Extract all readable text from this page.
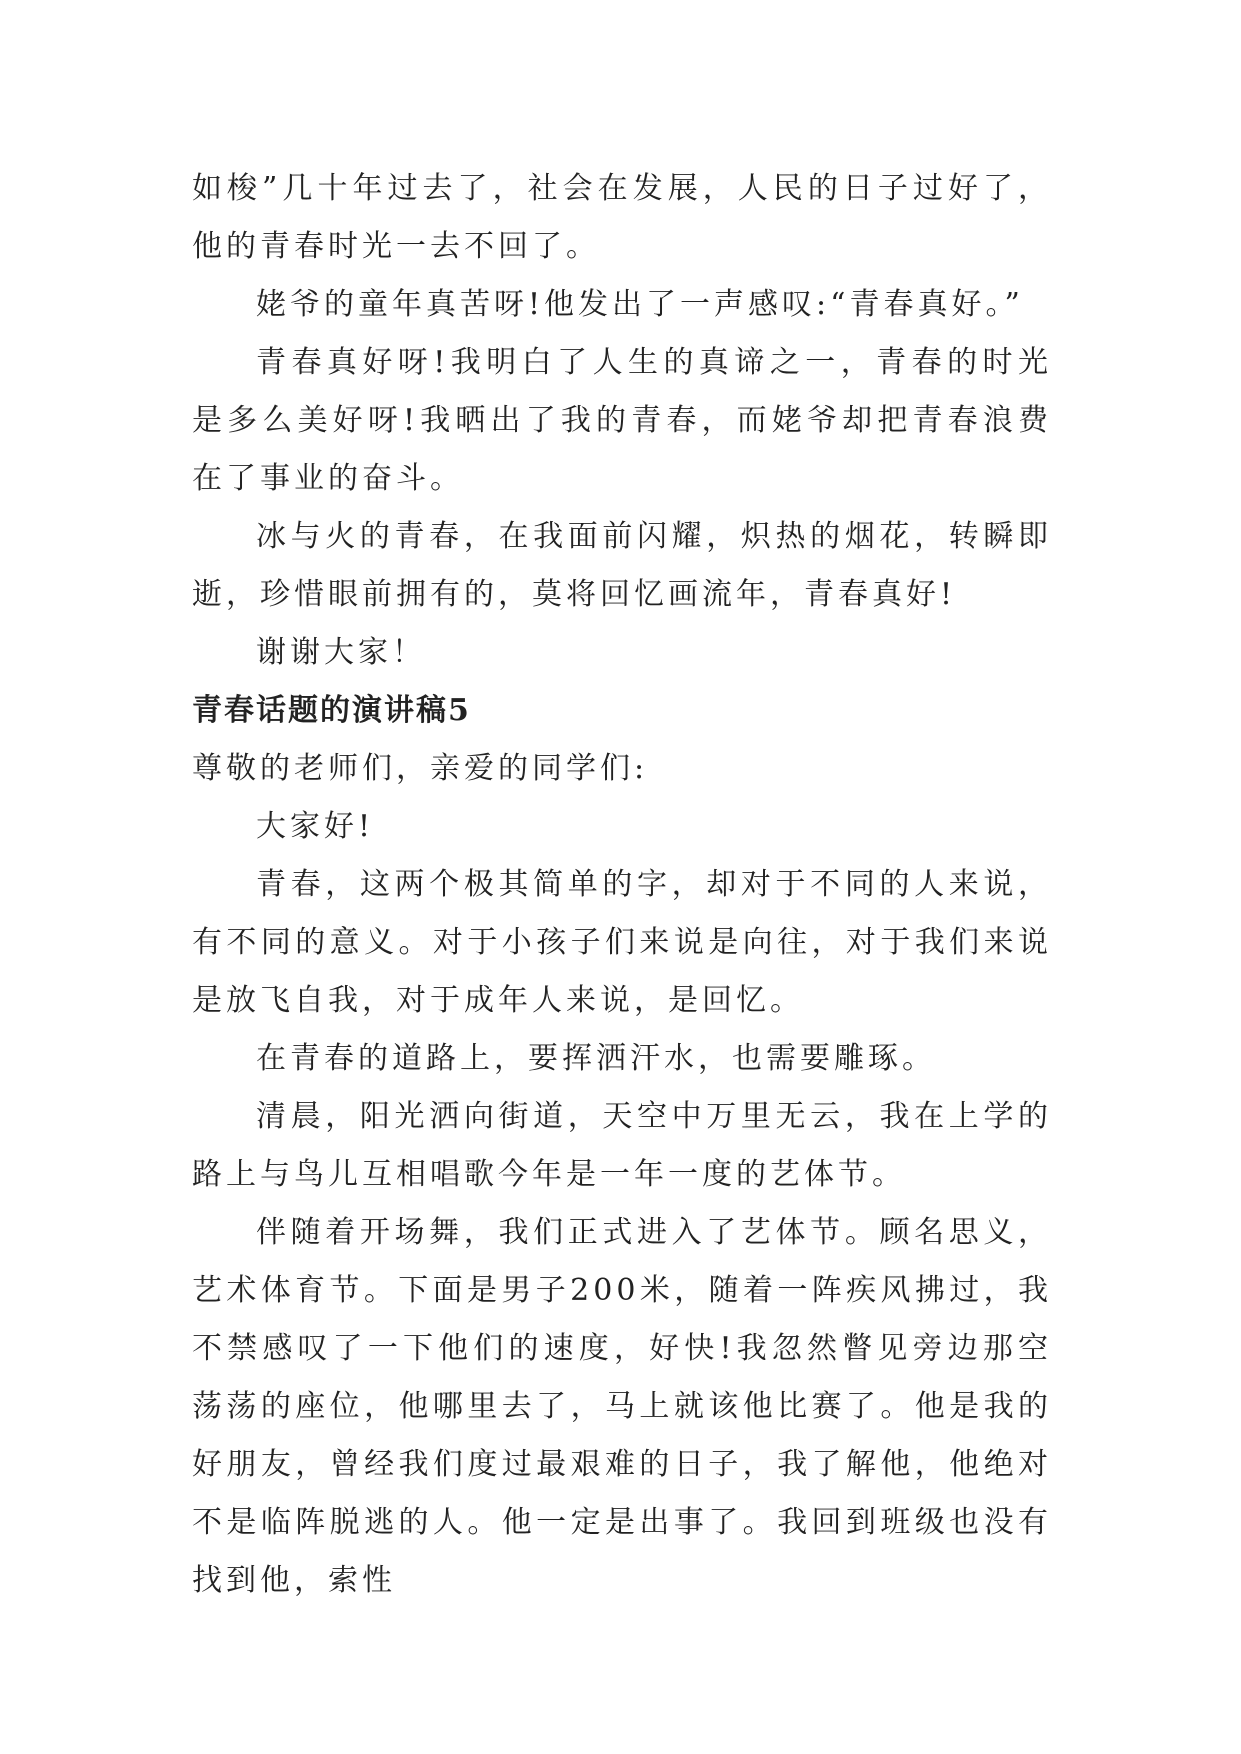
如梭”几十年过去了，社会在发展，人民的日子过好了，他的青春时光一去不回了。

姥爷的童年真苦呀!他发出了一声感叹:“青春真好。”

青春真好呀!我明白了人生的真谛之一，青春的时光是多么美好呀!我晒出了我的青春，而姥爷却把青春浪费在了事业的奋斗。

冰与火的青春，在我面前闪耀，炽热的烟花，转瞬即逝，珍惜眼前拥有的，莫将回忆画流年，青春真好!

谢谢大家！

青春话题的演讲稿5

尊敬的老师们，亲爱的同学们:

大家好!

青春，这两个极其简单的字，却对于不同的人来说，有不同的意义。对于小孩子们来说是向往，对于我们来说是放飞自我，对于成年人来说，是回忆。

在青春的道路上，要挥洒汗水，也需要雕琢。

清晨，阳光洒向街道，天空中万里无云，我在上学的路上与鸟儿互相唱歌今年是一年一度的艺体节。

伴随着开场舞，我们正式进入了艺体节。顾名思义，艺术体育节。下面是男子200米，随着一阵疾风拂过，我不禁感叹了一下他们的速度，好快!我忽然瞥见旁边那空荡荡的座位，他哪里去了，马上就该他比赛了。他是我的好朋友，曾经我们度过最艰难的日子，我了解他，他绝对不是临阵脱逃的人。他一定是出事了。我回到班级也没有找到他，索性
